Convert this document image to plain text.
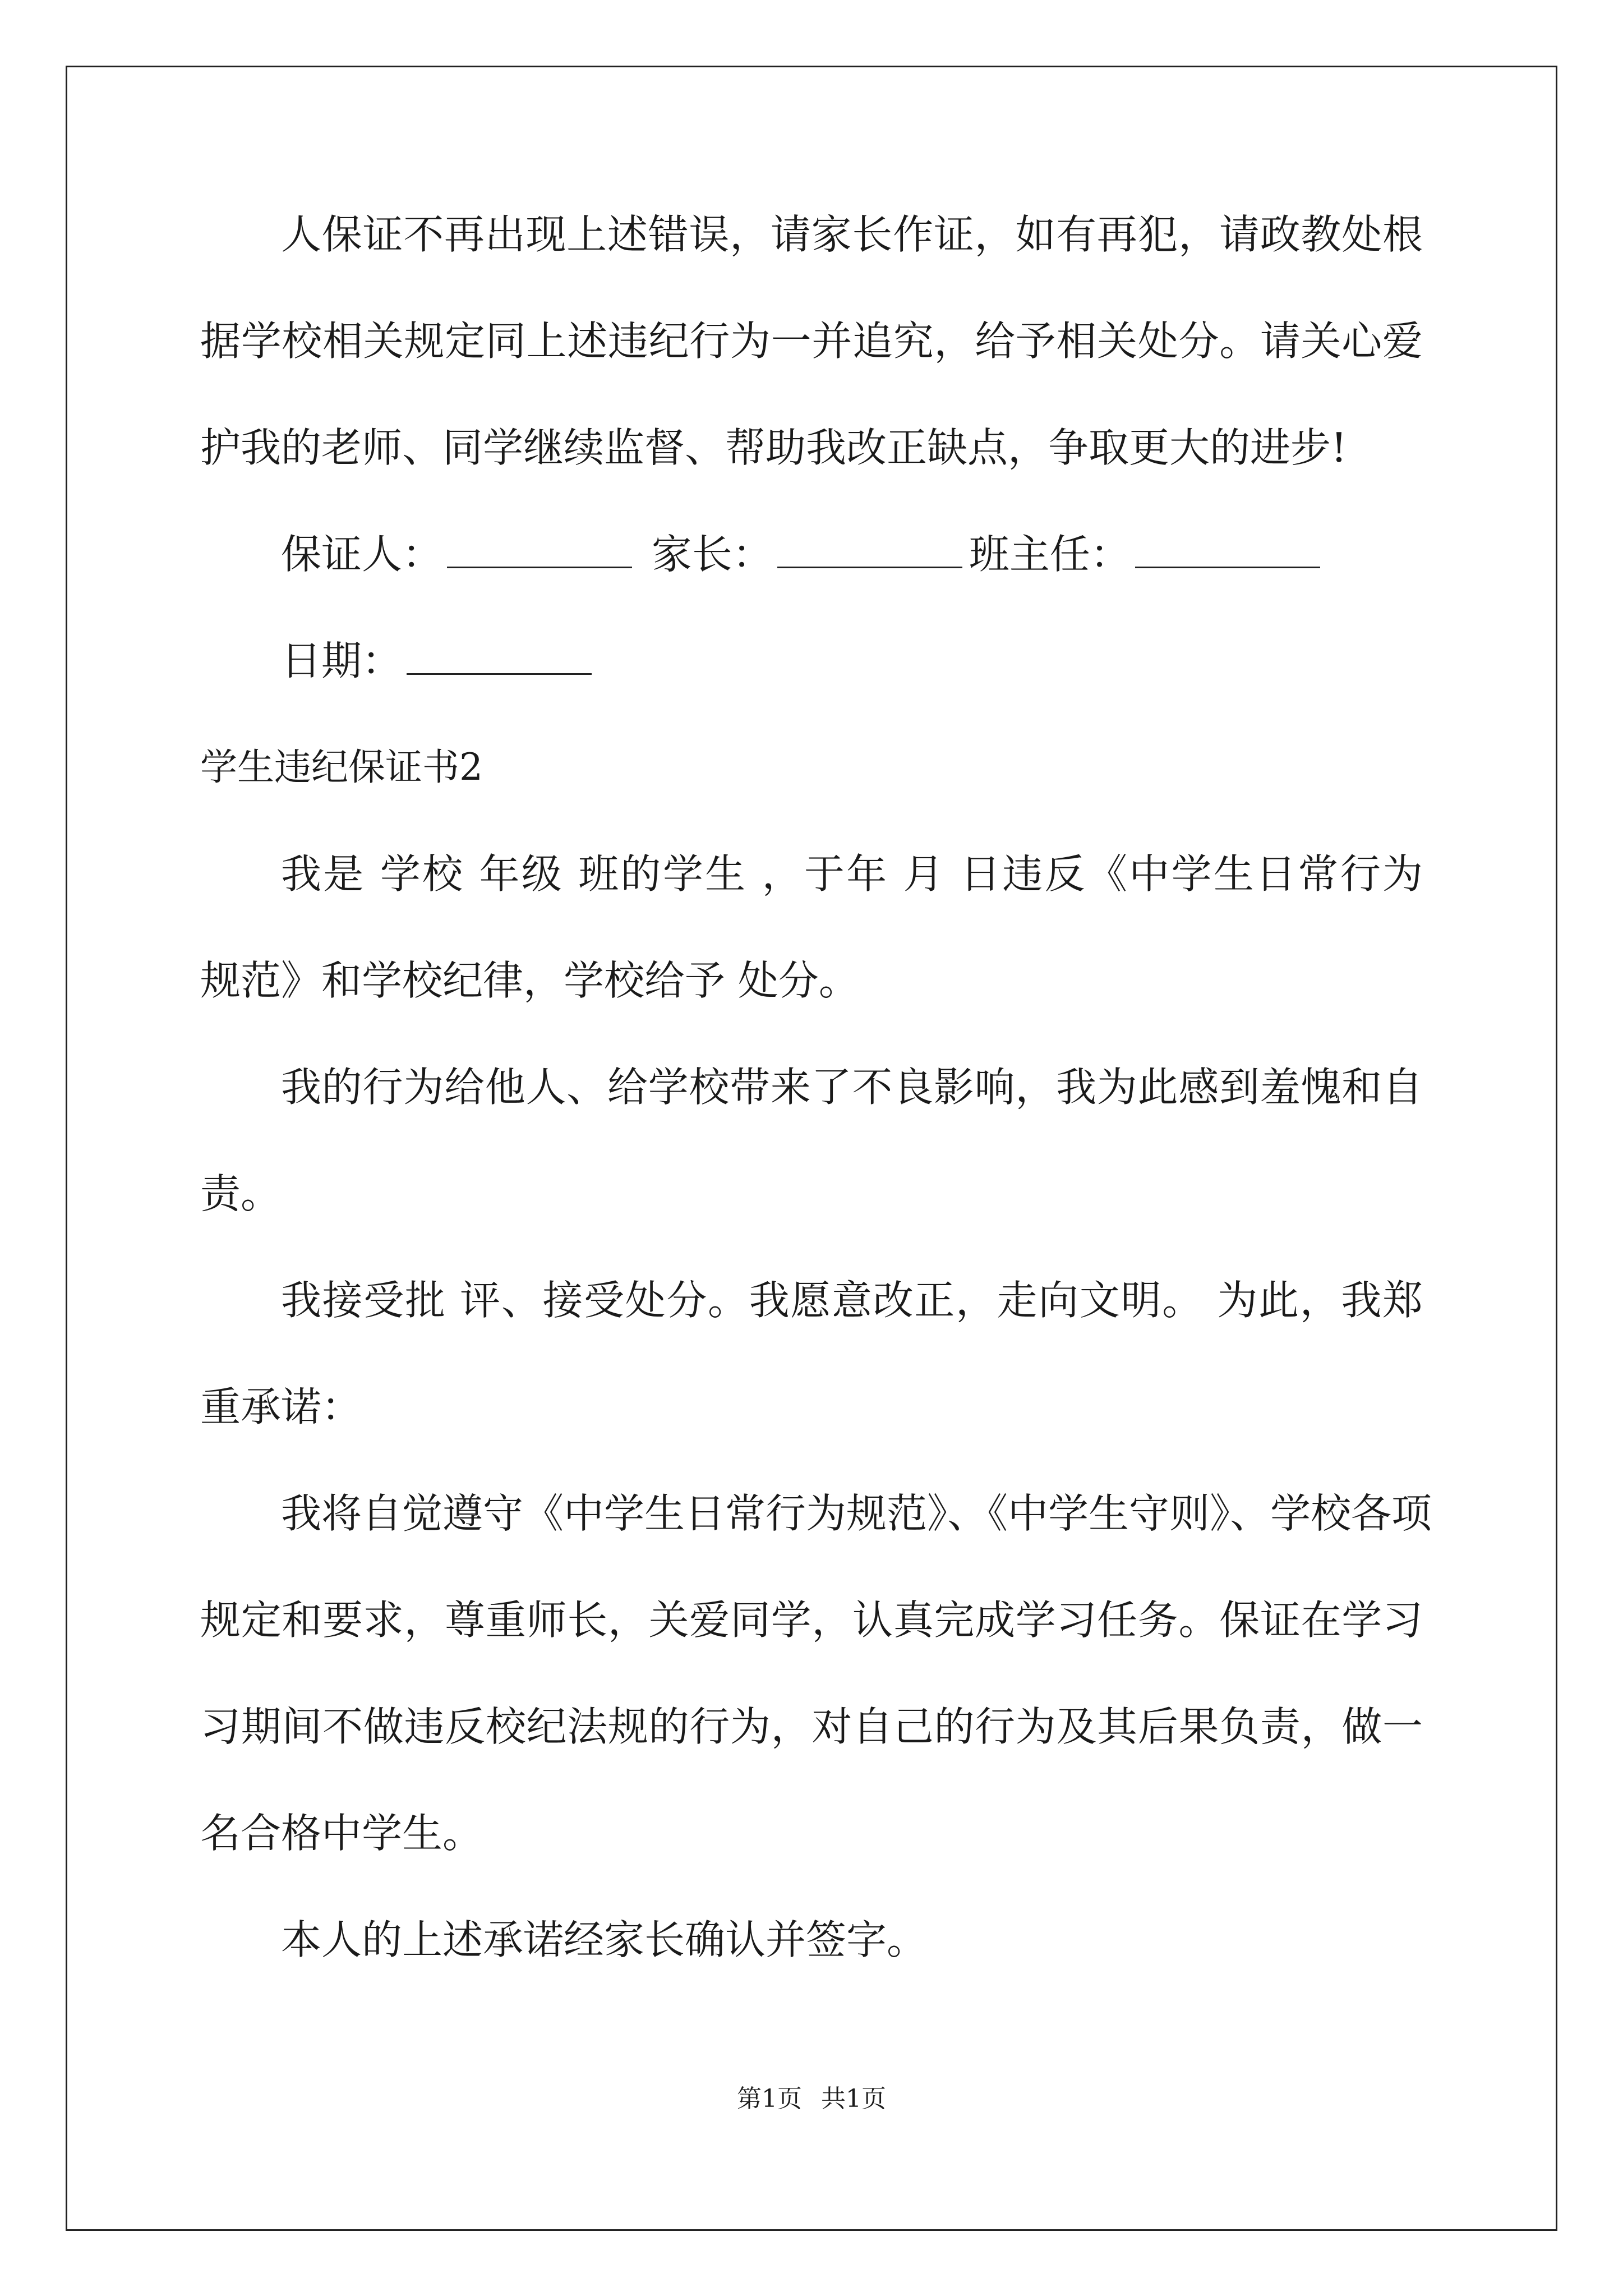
人保证不再出现上述错误，请家长作证，如有再犯，请政教处根
据学校相关规定同上述违纪行为一并追究，给予相关处分。请关心爱
护我的老师、同学继续监督、帮助我改正缺点，争取更大的进步!
保证人：	家长：	班主任：
日期：
学生违纪保证书2
我是 学校 年级 班的学生 ，于年 月 日违反《中学生日常行为
规范》和学校纪律，学校给予 处分。
我的行为给他人、给学校带来了不良影响，我为此感到羞愧和自
责。
我接受批 评、接受处分。我愿意改正，走向文明。 为此，我郑
重承诺：
我将自觉遵守《中学生日常行为规范》、《中学生守则》、学校各项
规定和要求，尊重师长，关爱同学，认真完成学习任务。保证在学习
习期间不做违反校纪法规的行为，对自己的行为及其后果负责，做一
名合格中学生。
本人的上述承诺经家长确认并签字。
第1页 共1页
